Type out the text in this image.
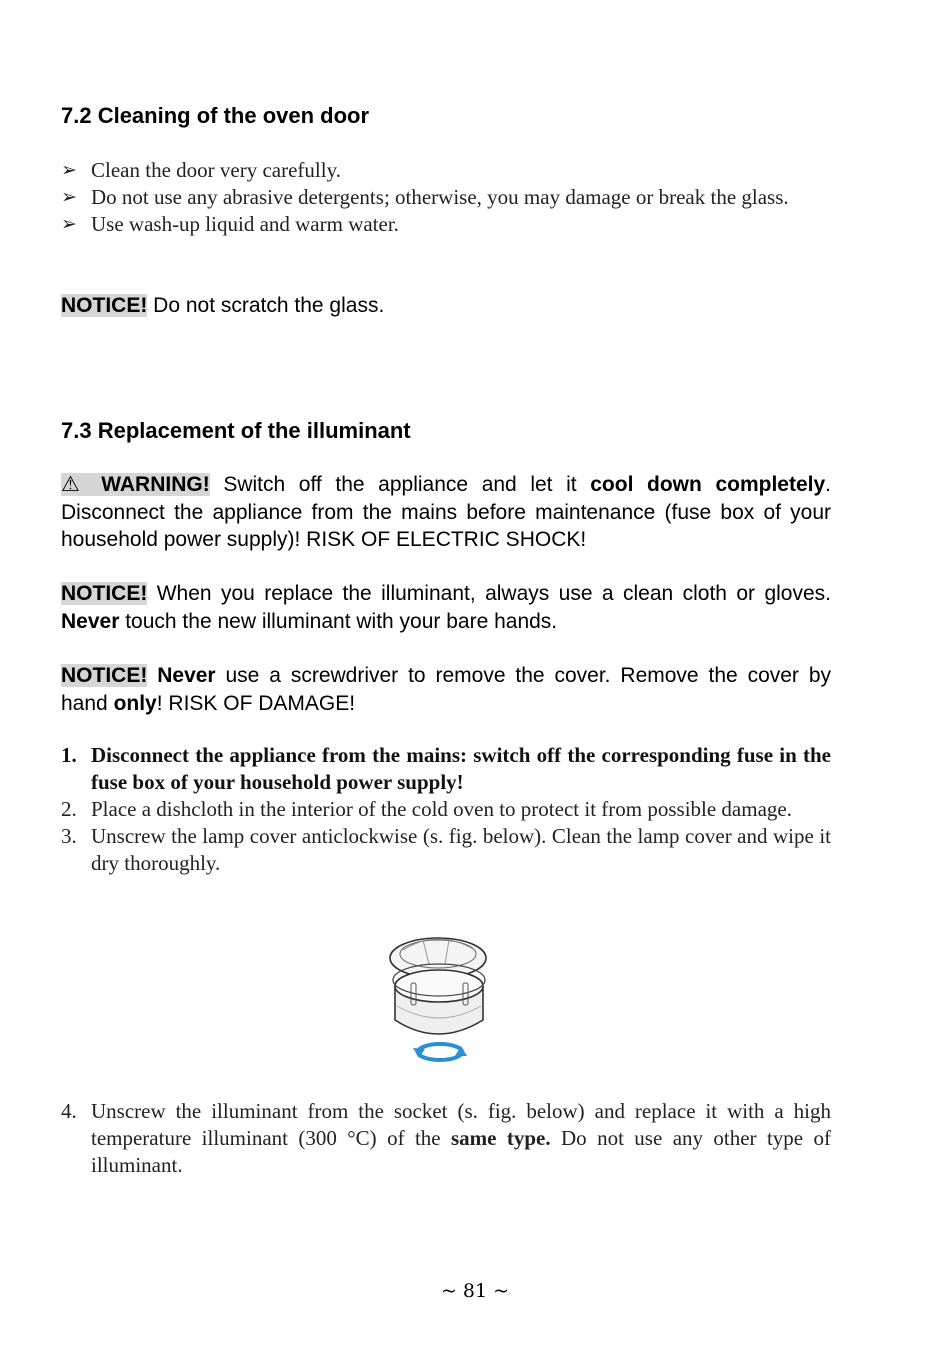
7.2 Cleaning of the oven door
➢ Clean the door very carefully.
➢ Do not use any abrasive detergents; otherwise, you may damage or break the glass.
➢ Use wash-up liquid and warm water.

NOTICE! Do not scratch the glass.

7.3 Replacement of the illuminant

⚠ WARNING! Switch off the appliance and let it cool down completely. Disconnect the appliance from the mains before maintenance (fuse box of your household power supply)! RISK OF ELECTRIC SHOCK!

NOTICE! When you replace the illuminant, always use a clean cloth or gloves. Never touch the new illuminant with your bare hands.

NOTICE! Never use a screwdriver to remove the cover. Remove the cover by hand only! RISK OF DAMAGE!

1. Disconnect the appliance from the mains: switch off the corresponding fuse in the fuse box of your household power supply!
2. Place a dishcloth in the interior of the cold oven to protect it from possible damage.
3. Unscrew the lamp cover anticlockwise (s. fig. below). Clean the lamp cover and wipe it dry thoroughly.
4. Unscrew the illuminant from the socket (s. fig. below) and replace it with a high temperature illuminant (300 °C) of the same type. Do not use any other type of illuminant.
~ 81 ~
